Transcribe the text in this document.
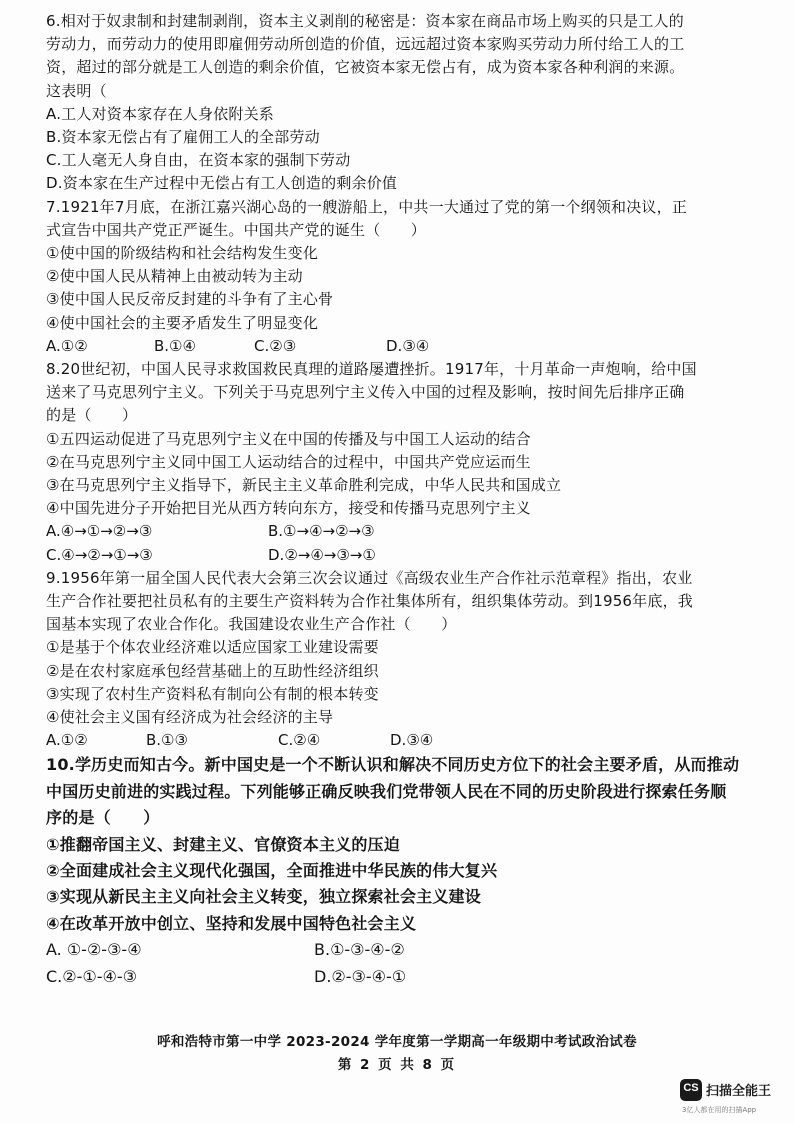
6.相对于奴隶制和封建制剥削，资本主义剥削的秘密是：资本家在商品市场上购买的只是工人的
劳动力，而劳动力的使用即雇佣劳动所创造的价值，远远超过资本家购买劳动力所付给工人的工
资，超过的部分就是工人创造的剩余价值，它被资本家无偿占有，成为资本家各种利润的来源。
这表明（
A.工人对资本家存在人身依附关系
B.资本家无偿占有了雇佣工人的全部劳动
C.工人毫无人身自由，在资本家的强制下劳动
D.资本家在生产过程中无偿占有工人创造的剩余价值
7.1921年7月底，在浙江嘉兴湖心岛的一艘游船上，中共一大通过了党的第一个纲领和决议，正
式宣告中国共产党正严诞生。中国共产党的诞生（　　）
①使中国的阶级结构和社会结构发生变化
②使中国人民从精神上由被动转为主动
③使中国人民反帝反封建的斗争有了主心骨
④使中国社会的主要矛盾发生了明显变化
A.①②	B.①④	C.②③	D.③④
8.20世纪初，中国人民寻求救国救民真理的道路屡遭挫折。1917年，十月革命一声炮响，给中国
送来了马克思列宁主义。下列关于马克思列宁主义传入中国的过程及影响，按时间先后排序正确
的是（　　）
①五四运动促进了马克思列宁主义在中国的传播及与中国工人运动的结合
②在马克思列宁主义同中国工人运动结合的过程中，中国共产党应运而生
③在马克思列宁主义指导下，新民主主义革命胜利完成，中华人民共和国成立
④中国先进分子开始把目光从西方转向东方，接受和传播马克思列宁主义
A.④→①→②→③	B.①→④→②→③
C.④→②→①→③	D.②→④→③→①
9.1956年第一届全国人民代表大会第三次会议通过《高级农业生产合作社示范章程》指出，农业
生产合作社要把社员私有的主要生产资料转为合作社集体所有，组织集体劳动。到1956年底，我
国基本实现了农业合作化。我国建设农业生产合作社（　　）
①是基于个体农业经济难以适应国家工业建设需要
②是在农村家庭承包经营基础上的互助性经济组织
③实现了农村生产资料私有制向公有制的根本转变
④使社会主义国有经济成为社会经济的主导
A.①②	B.①③	C.②④	D.③④
10.学历史而知古今。新中国史是一个不断认识和解决不同历史方位下的社会主要矛盾，从而推动
中国历史前进的实践过程。下列能够正确反映我们党带领人民在不同的历史阶段进行探索任务顺
序的是（　　）
①推翻帝国主义、封建主义、官僚资本主义的压迫
②全面建成社会主义现代化强国，全面推进中华民族的伟大复兴
③实现从新民主主义向社会主义转变，独立探索社会主义建设
④在改革开放中创立、坚持和发展中国特色社会主义
A. ①-②-③-④	B.①-③-④-②
C.②-①-④-③	D.②-③-④-①
呼和浩特市第一中学 2023-2024 学年度第一学期高一年级期中考试政治试卷
第 2 页 共 8 页
CS
扫描全能王
3亿人都在用的扫描App
